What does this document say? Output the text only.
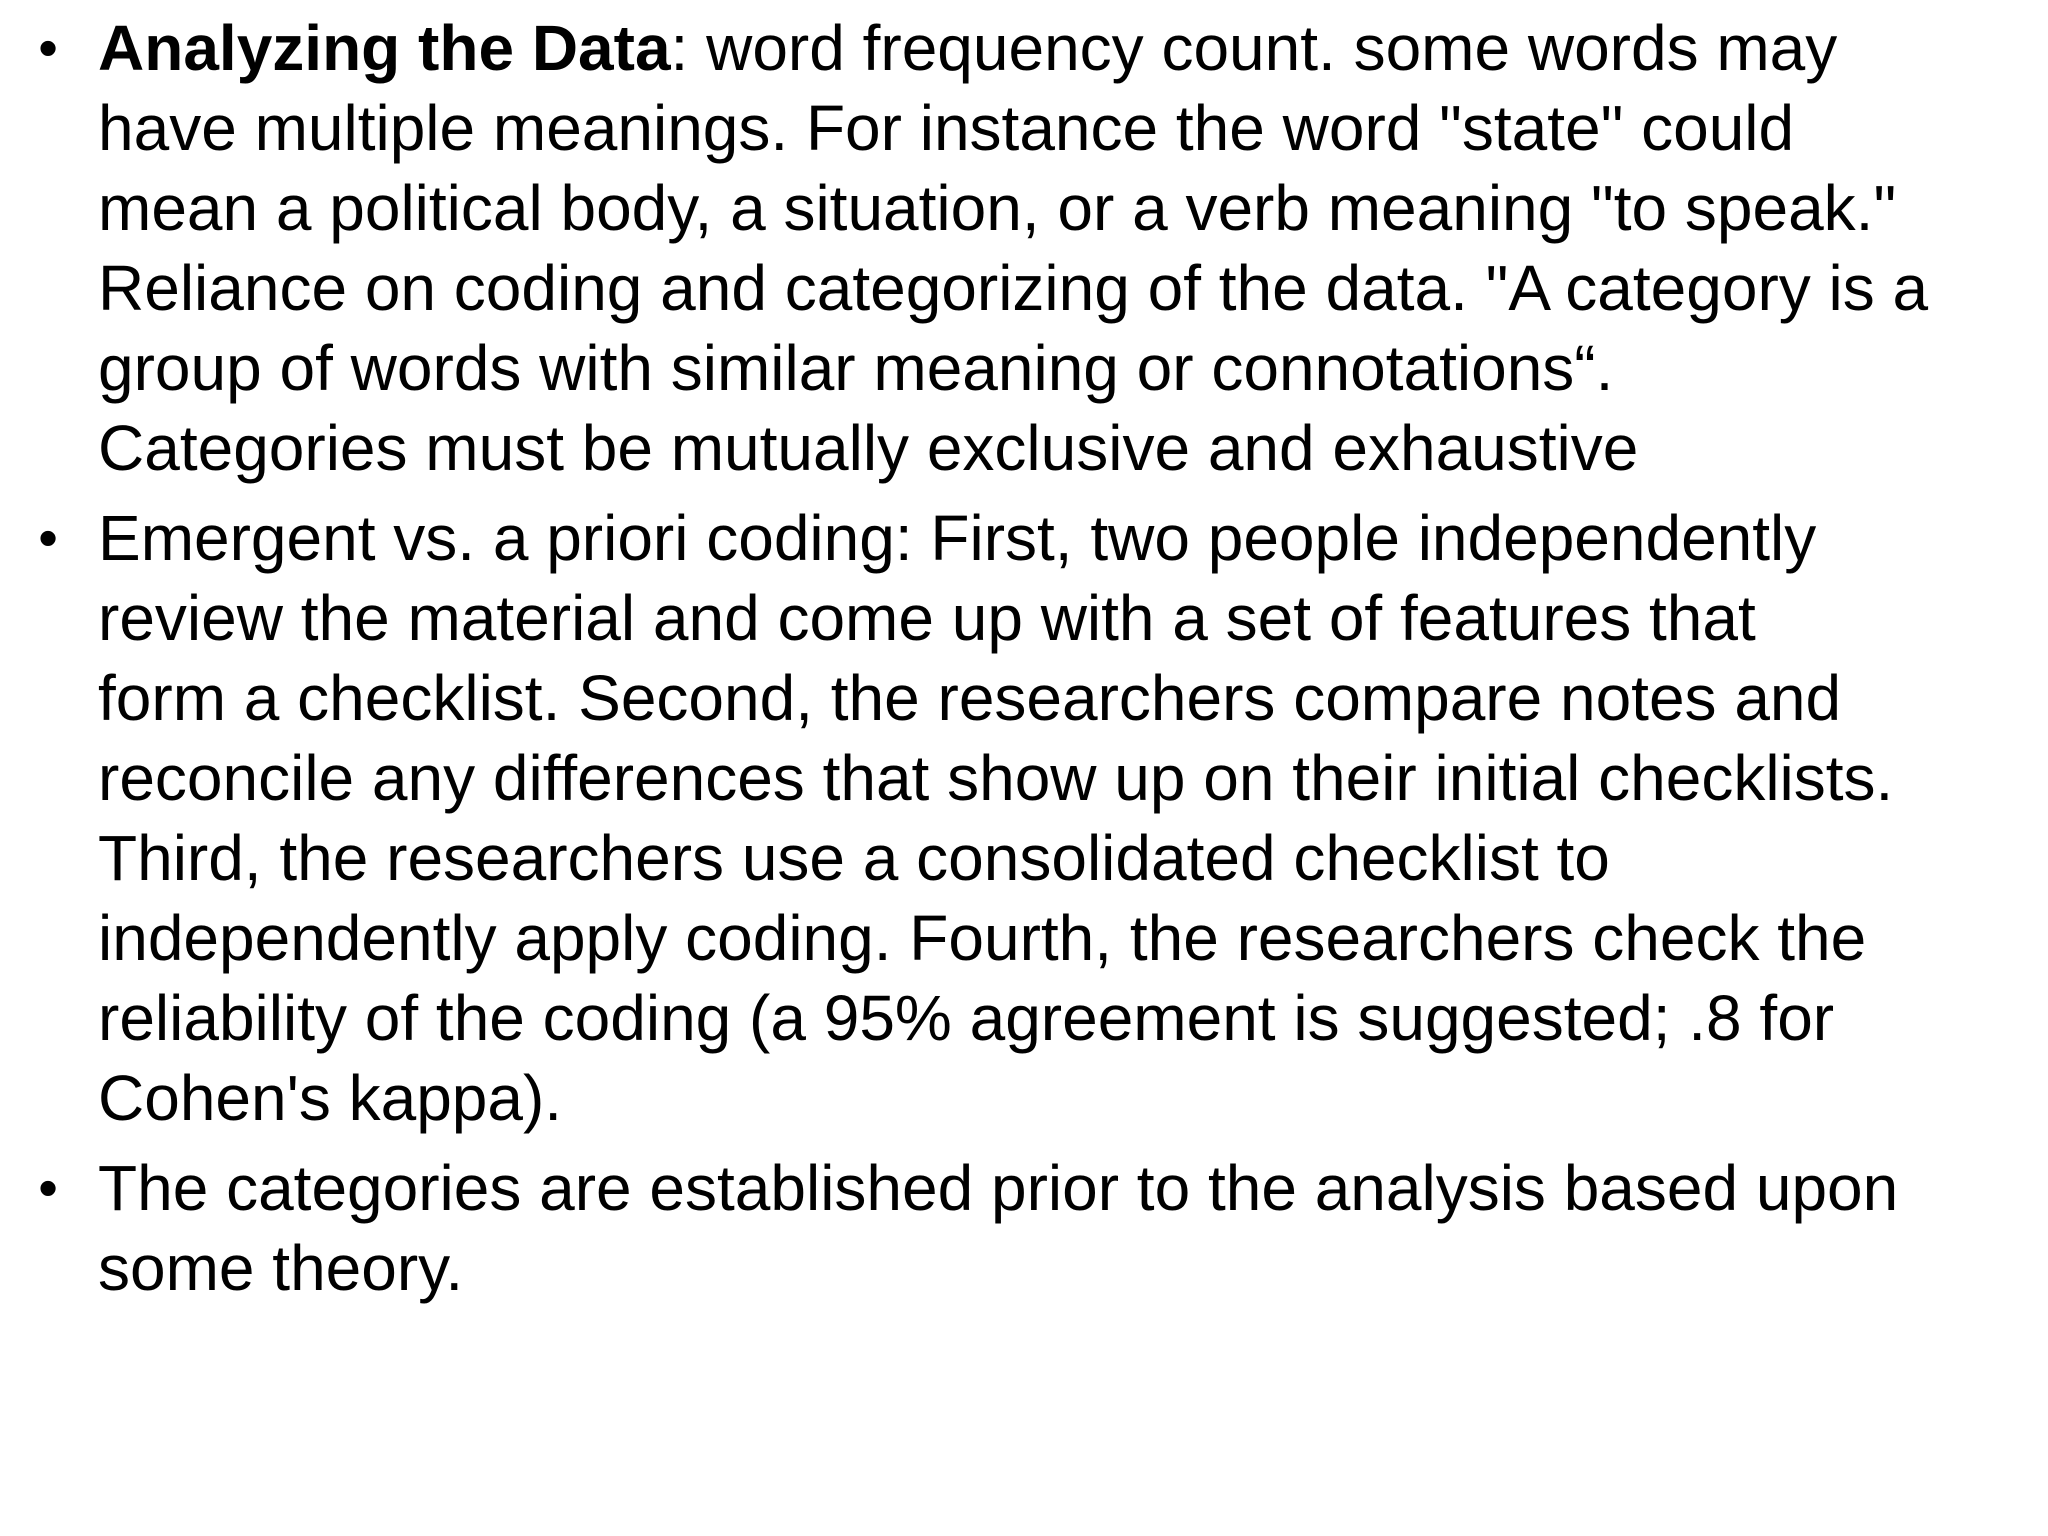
• Analyzing the Data: word frequency count. some words may
have multiple meanings. For instance the word "state" could
mean a political body, a situation, or a verb meaning "to speak."
Reliance on coding and categorizing of the data. "A category is a
group of words with similar meaning or connotations“.
Categories must be mutually exclusive and exhaustive
• Emergent vs. a priori coding: First, two people independently
review the material and come up with a set of features that
form a checklist. Second, the researchers compare notes and
reconcile any differences that show up on their initial checklists.
Third, the researchers use a consolidated checklist to
independently apply coding. Fourth, the researchers check the
reliability of the coding (a 95% agreement is suggested; .8 for
Cohen's kappa).
• The categories are established prior to the analysis based upon
some theory.
